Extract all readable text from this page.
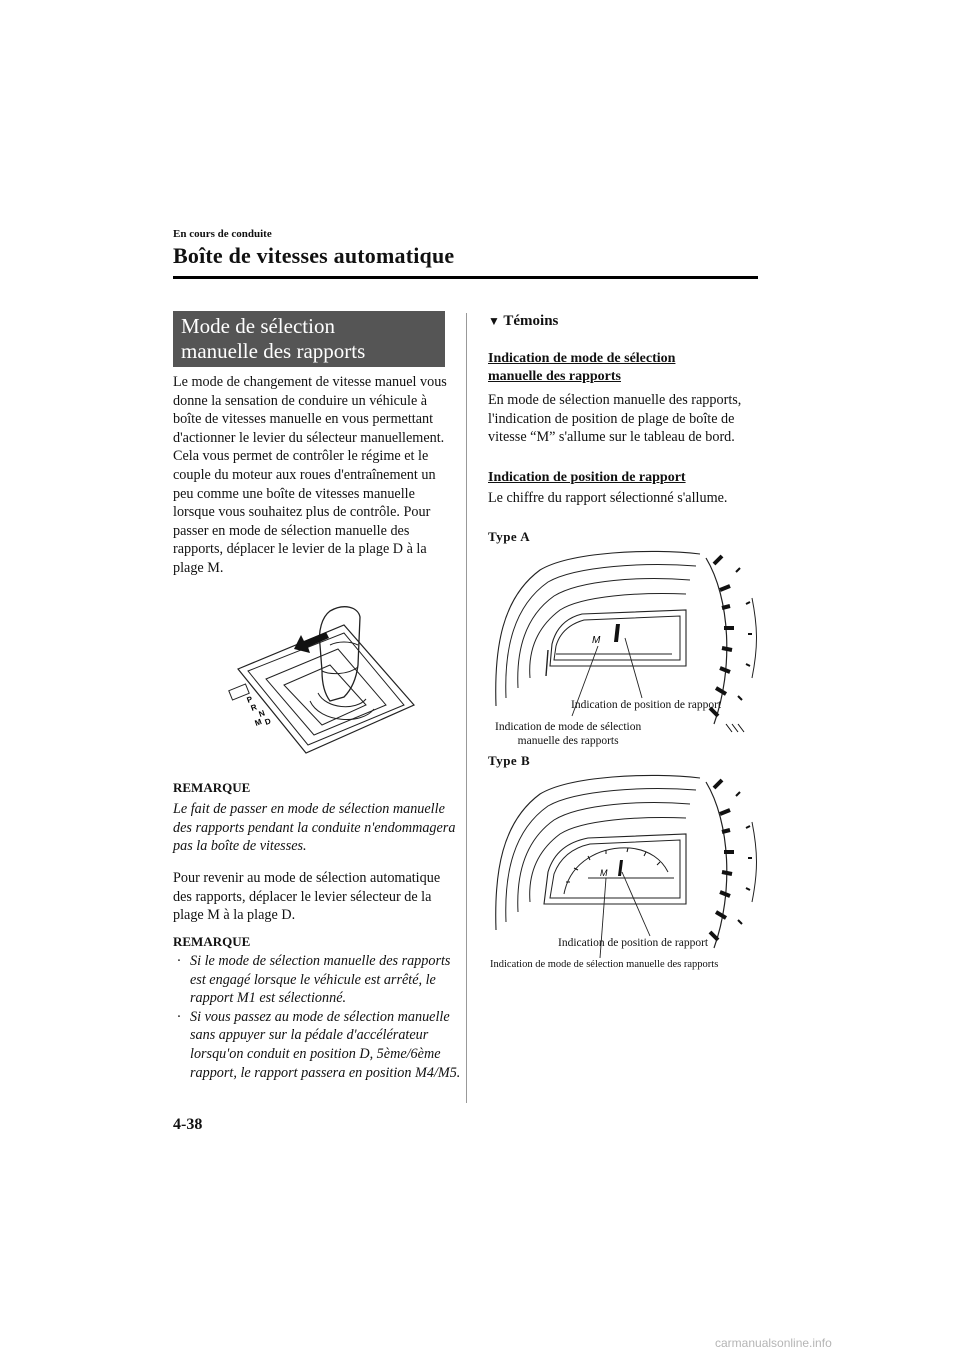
En cours de conduite
Boîte de vitesses automatique
Mode de sélection
manuelle des rapports
Le mode de changement de vitesse manuel vous donne la sensation de conduire un véhicule à boîte de vitesses manuelle en vous permettant d'actionner le levier du sélecteur manuellement. Cela vous permet de contrôler le régime et le couple du moteur aux roues d'entraînement un peu comme une boîte de vitesses manuelle lorsque vous souhaitez plus de contrôle. Pour passer en mode de sélection manuelle des rapports, déplacer le levier de la plage D à la plage M.
P
R
N
M D
REMARQUE
Le fait de passer en mode de sélection manuelle des rapports pendant la conduite n'endommagera pas la boîte de vitesses.
Pour revenir au mode de sélection automatique des rapports, déplacer le levier sélecteur de la plage M à la plage D.
REMARQUE
· Si le mode de sélection manuelle des rapports est engagé lorsque le véhicule est arrêté, le rapport M1 est sélectionné.
· Si vous passez au mode de sélection manuelle sans appuyer sur la pédale d'accélérateur lorsqu'on conduit en position D, 5ème/6ème rapport, le rapport passera en position M4/M5.
▼ Témoins
Indication de mode de sélection manuelle des rapports
En mode de sélection manuelle des rapports, l'indication de position de plage de boîte de vitesse “M” s'allume sur le tableau de bord.
Indication de position de rapport
Le chiffre du rapport sélectionné s'allume.
Type A
M
Indication de position de rapport
Indication de mode de sélection
manuelle des rapports
Type B
M
Indication de position de rapport
Indication de mode de sélection manuelle des rapports
4-38
carmanualsonline.info
